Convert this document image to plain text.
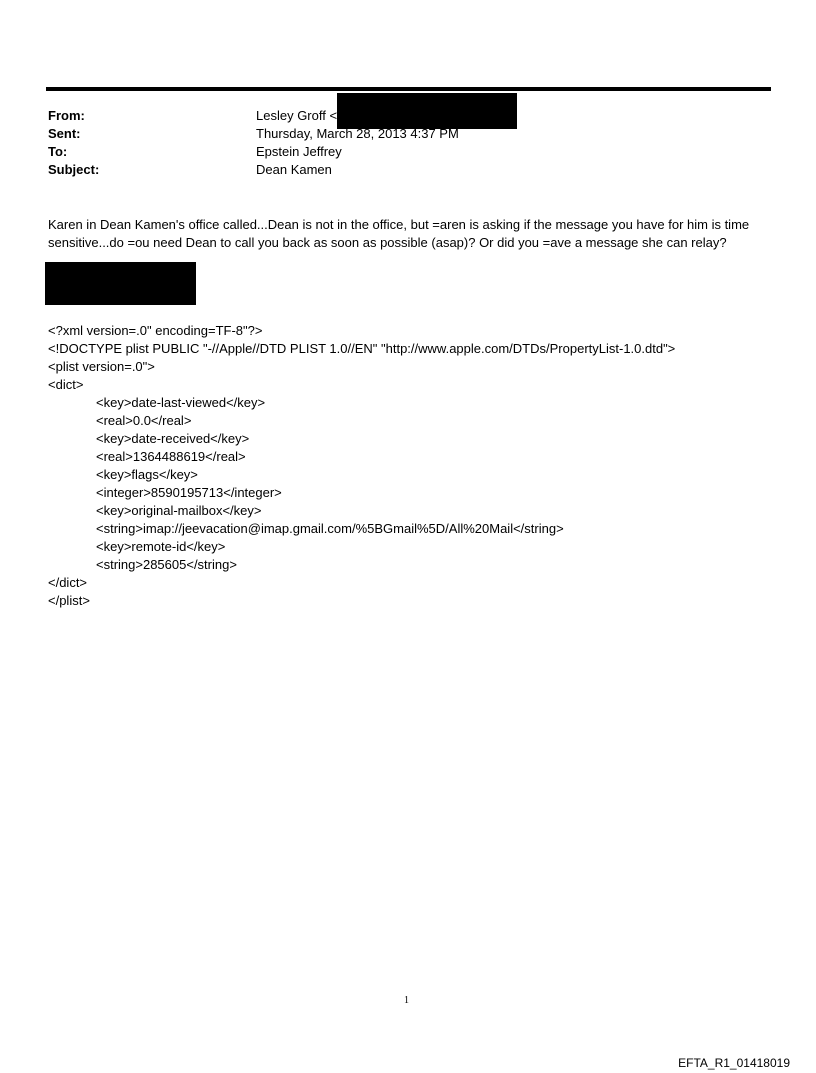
From:	Lesley Groff <
Sent:	Thursday, March 28, 2013 4:37 PM
To:	Epstein Jeffrey
Subject:	Dean Kamen
Karen in Dean Kamen's office called...Dean is not in the office, but =aren is asking if the message you have for him is time
sensitive...do =ou need Dean to call you back as soon as possible (asap)? Or did you =ave a message she can relay?
<?xml version=.0" encoding=TF-8"?>
<!DOCTYPE plist PUBLIC "-//Apple//DTD PLIST 1.0//EN" "http://www.apple.com/DTDs/PropertyList-1.0.dtd">
<plist version=.0">
<dict>
<key>date-last-viewed</key>
<real>0.0</real>
<key>date-received</key>
<real>1364488619</real>
<key>flags</key>
<integer>8590195713</integer>
<key>original-mailbox</key>
<string>imap://jeevacation@imap.gmail.com/%5BGmail%5D/All%20Mail</string>
<key>remote-id</key>
<string>285605</string>
</dict>
</plist>
1
EFTA_R1_01418019
